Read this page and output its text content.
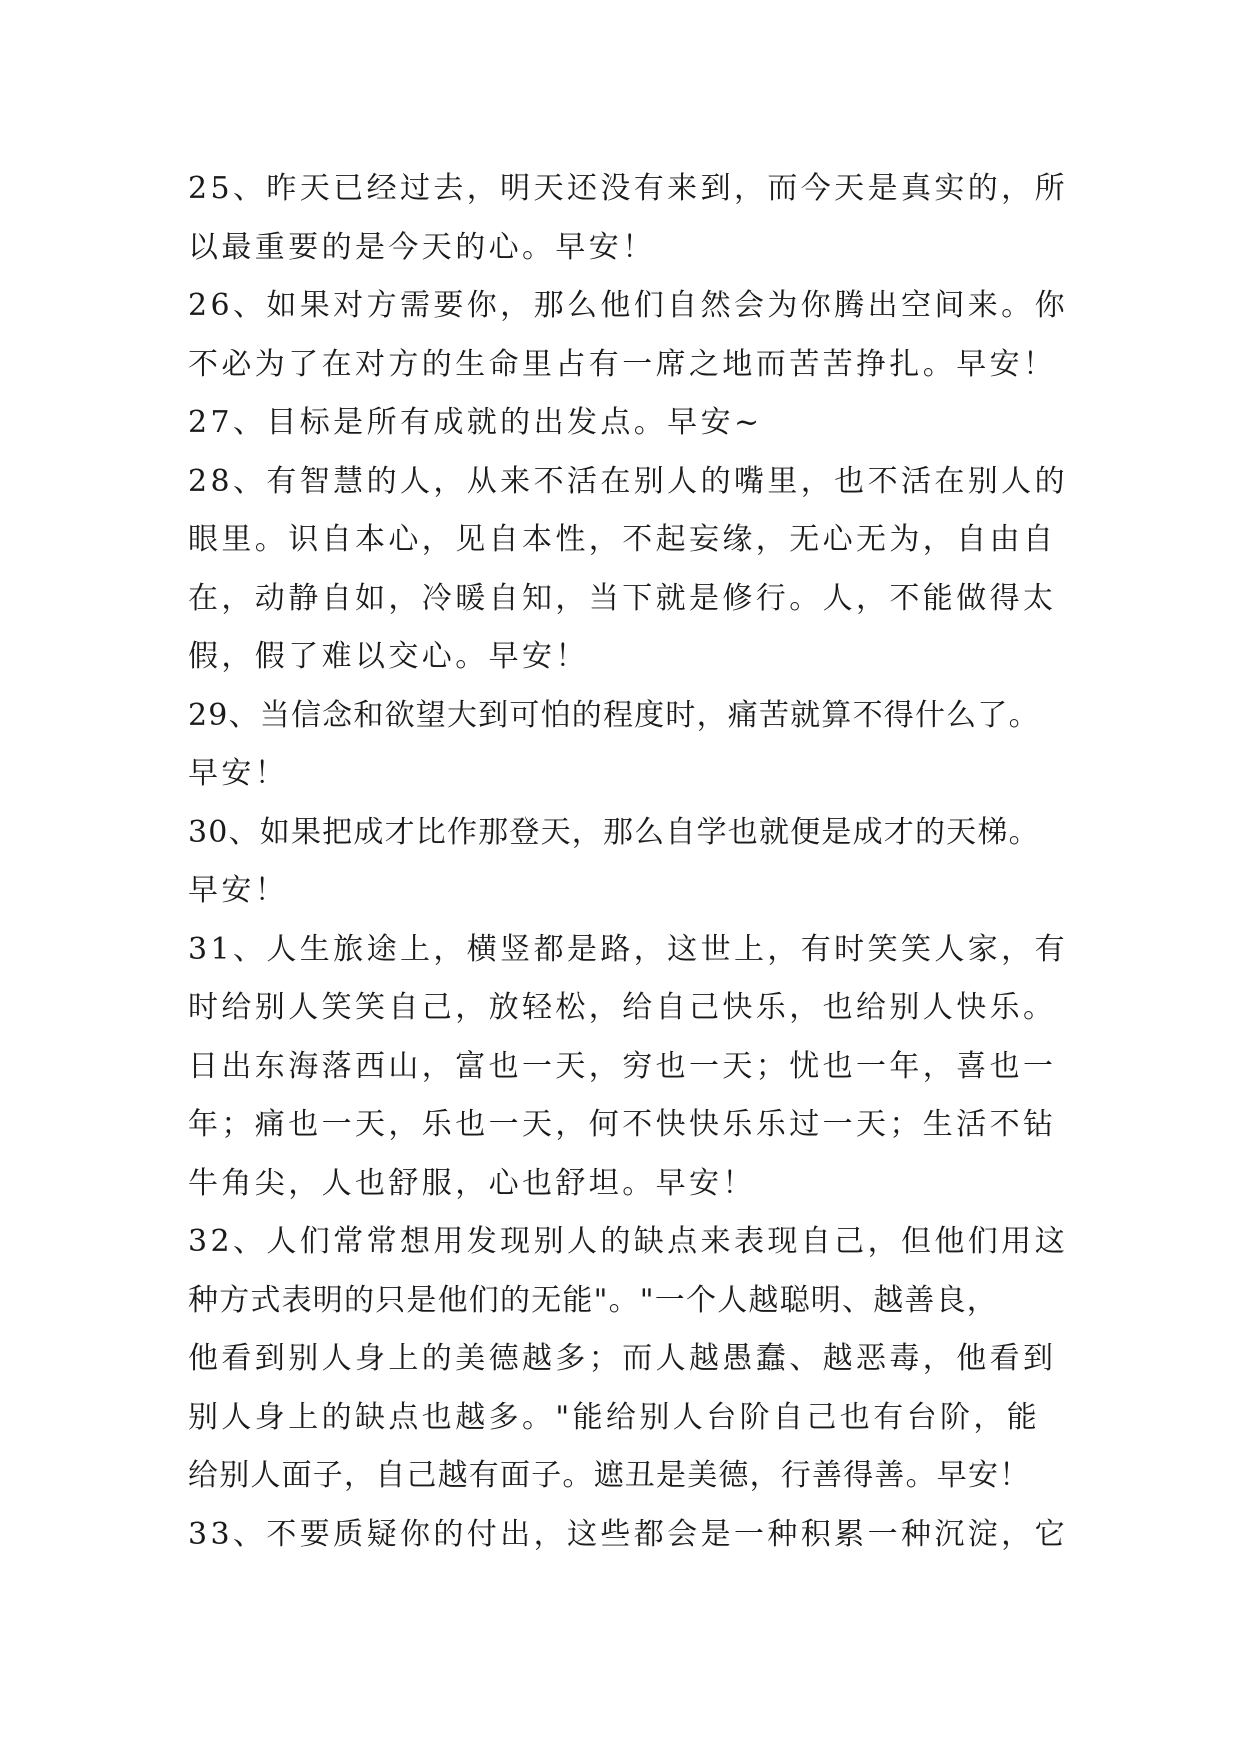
25、昨天已经过去，明天还没有来到，而今天是真实的，所
以最重要的是今天的心。早安！
26、如果对方需要你，那么他们自然会为你腾出空间来。你
不必为了在对方的生命里占有一席之地而苦苦挣扎。早安！
27、目标是所有成就的出发点。早安~
28、有智慧的人，从来不活在别人的嘴里，也不活在别人的
眼里。识自本心，见自本性，不起妄缘，无心无为，自由自
在，动静自如，冷暖自知，当下就是修行。人，不能做得太
假，假了难以交心。早安！
29、当信念和欲望大到可怕的程度时，痛苦就算不得什么了。
早安！
30、如果把成才比作那登天，那么自学也就便是成才的天梯。
早安！
31、人生旅途上，横竖都是路，这世上，有时笑笑人家，有
时给别人笑笑自己，放轻松，给自己快乐，也给别人快乐。
日出东海落西山，富也一天，穷也一天；忧也一年，喜也一
年；痛也一天，乐也一天，何不快快乐乐过一天；生活不钻
牛角尖，人也舒服，心也舒坦。早安！
32、人们常常想用发现别人的缺点来表现自己，但他们用这
种方式表明的只是他们的无能"。"一个人越聪明、越善良，
他看到别人身上的美德越多；而人越愚蠢、越恶毒，他看到
别人身上的缺点也越多。"能给别人台阶自己也有台阶，能
给别人面子，自己越有面子。遮丑是美德，行善得善。早安！
33、不要质疑你的付出，这些都会是一种积累一种沉淀，它
